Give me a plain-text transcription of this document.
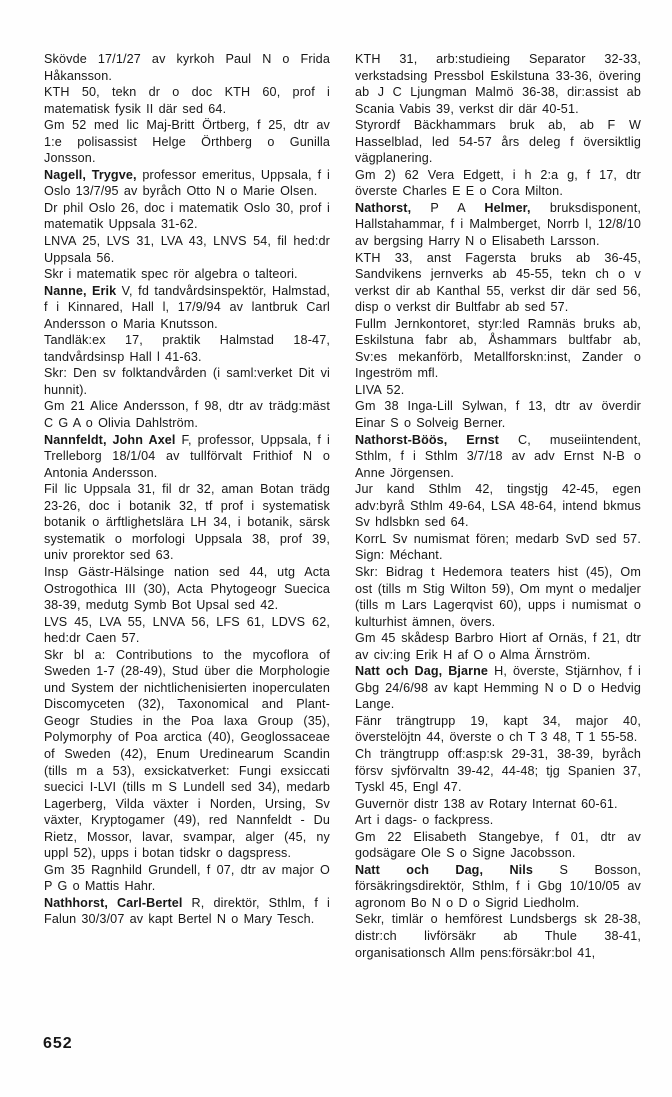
Skövde 17/1/27 av kyrkoh Paul N o Frida Håkansson.

KTH 50, tekn dr o doc KTH 60, prof i matematisk fysik II där sed 64.

Gm 52 med lic Maj-Britt Örtberg, f 25, dtr av 1:e polisassist Helge Örthberg o Gunilla Jonsson.

Nagell, Trygve, professor emeritus, Uppsala, f i Oslo 13/7/95 av byråch Otto N o Marie Olsen.

Dr phil Oslo 26, doc i matematik Oslo 30, prof i matematik Uppsala 31-62.

LNVA 25, LVS 31, LVA 43, LNVS 54, fil hed:dr Uppsala 56.

Skr i matematik spec rör algebra o talteori.

Nanne, Erik V, fd tandvårdsinspektör, Halmstad, f i Kinnared, Hall l, 17/9/94 av lantbruk Carl Andersson o Maria Knutsson.

Tandläk:ex 17, praktik Halmstad 18-47, tandvårdsinsp Hall l 41-63.

Skr: Den sv folktandvården (i saml:verket Dit vi hunnit).

Gm 21 Alice Andersson, f 98, dtr av trädg:mäst C G A o Olivia Dahlström.

Nannfeldt, John Axel F, professor, Uppsala, f i Trelleborg 18/1/04 av tullförvalt Frithiof N o Antonia Andersson.

Fil lic Uppsala 31, fil dr 32, aman Botan trädg 23-26, doc i botanik 32, tf prof i systematisk botanik o ärftlighetslära LH 34, i botanik, särsk systematik o morfologi Uppsala 38, prof 39, univ prorektor sed 63.

Insp Gästr-Hälsinge nation sed 44, utg Acta Ostrogothica III (30), Acta Phytogeogr Suecica 38-39, medutg Symb Bot Upsal sed 42.

LVS 45, LVA 55, LNVA 56, LFS 61, LDVS 62, hed:dr Caen 57.

Skr bl a: Contributions to the mycoflora of Sweden 1-7 (28-49), Stud über die Morphologie und System der nichtlichenisierten inoperculaten Discomyceten (32), Taxonomical and Plant-Geogr Studies in the Poa laxa Group (35), Polymorphy of Poa arctica (40), Geoglossaceae of Sweden (42), Enum Uredinearum Scandin (tills m a 53), exsickatverket: Fungi exsiccati suecici I-LVI (tills m S Lundell sed 34), medarb Lagerberg, Vilda växter i Norden, Ursing, Sv växter, Kryptogamer (49), red Nannfeldt - Du Rietz, Mossor, lavar, svampar, alger (45, ny uppl 52), upps i botan tidskr o dagspress.

Gm 35 Ragnhild Grundell, f 07, dtr av major O P G o Mattis Hahr.

Nathhorst, Carl-Bertel R, direktör, Sthlm, f i Falun 30/3/07 av kapt Bertel N o Mary Tesch.

KTH 31, arb:studieing Separator 32-33, verkstadsing Pressbol Eskilstuna 33-36, övering ab J C Ljungman Malmö 36-38, dir:assist ab Scania Vabis 39, verkst dir där 40-51.

Styrordf Bäckhammars bruk ab, ab F W Hasselblad, led 54-57 års deleg f översiktlig vägplanering.

Gm 2) 62 Vera Edgett, i h 2:a g, f 17, dtr överste Charles E E o Cora Milton.

Nathorst, P A Helmer, bruksdisponent, Hallstahammar, f i Malmberget, Norrb l, 12/8/10 av bergsing Harry N o Elisabeth Larsson.

KTH 33, anst Fagersta bruks ab 36-45, Sandvikens jernverks ab 45-55, tekn ch o v verkst dir ab Kanthal 55, verkst dir där sed 56, disp o verkst dir Bultfabr ab sed 57.

Fullm Jernkontoret, styr:led Ramnäs bruks ab, Eskilstuna fabr ab, Åshammars bultfabr ab, Sv:es mekanförb, Metallforskn:inst, Zander o Ingeström mfl.

LIVA 52.

Gm 38 Inga-Lill Sylwan, f 13, dtr av överdir Einar S o Solveig Berner.

Nathorst-Böös, Ernst C, museiintendent, Sthlm, f i Sthlm 3/7/18 av adv Ernst N-B o Anne Jörgensen.

Jur kand Sthlm 42, tingstjg 42-45, egen adv:byrå Sthlm 49-64, LSA 48-64, intend bkmus Sv hdlsbkn sed 64.

KorrL Sv numismat fören; medarb SvD sed 57. Sign: Méchant.

Skr: Bidrag t Hedemora teaters hist (45), Om ost (tills m Stig Wilton 59), Om mynt o medaljer (tills m Lars Lagerqvist 60), upps i numismat o kulturhist ämnen, övers.

Gm 45 skådesp Barbro Hiort af Ornäs, f 21, dtr av civ:ing Erik H af O o Alma Ärnström.

Natt och Dag, Bjarne H, överste, Stjärnhov, f i Gbg 24/6/98 av kapt Hemming N o D o Hedvig Lange.

Fänr trängtrupp 19, kapt 34, major 40, överstelöjtn 44, överste o ch T 3 48, T 1 55-58.

Ch trängtrupp off:asp:sk 29-31, 38-39, byråch försv sjvförvaltn 39-42, 44-48; tjg Spanien 37, Tyskl 45, Engl 47.

Guvernör distr 138 av Rotary Internat 60-61.

Art i dags- o fackpress.

Gm 22 Elisabeth Stangebye, f 01, dtr av godsägare Ole S o Signe Jacobsson.

Natt och Dag, Nils S Bosson, försäkringsdirektör, Sthlm, f i Gbg 10/10/05 av agronom Bo N o D o Sigrid Liedholm.

Sekr, timlär o hemförest Lundsbergs sk 28-38, distr:ch livförsäkr ab Thule 38-41, organisationsch Allm pens:försäkr:bol 41,

652
